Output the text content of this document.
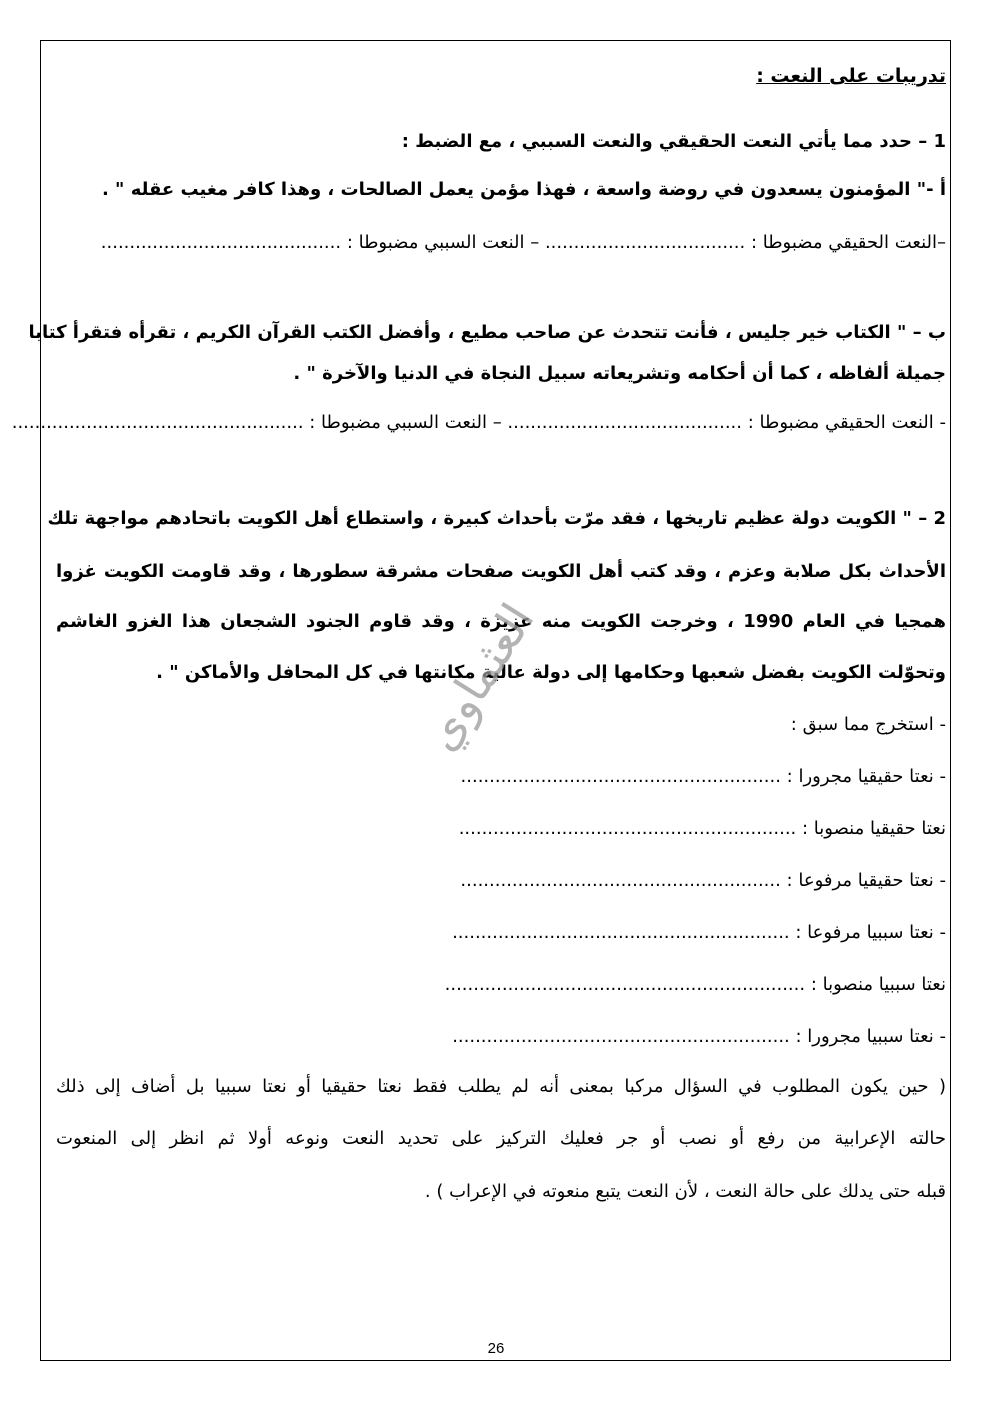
تدريبات على النعت :
1 – حدد مما يأتي النعت الحقيقي والنعت السببي ، مع الضبط :
أ -" المؤمنون يسعدون في روضة واسعة ، فهذا مؤمن يعمل الصالحات ، وهذا كافر مغيب عقله " .
–النعت الحقيقي مضبوطا : ................................... – النعت السببي مضبوطا : ..........................................
ب – " الكتاب خير جليس ، فأنت تتحدث عن صاحب مطيع ، وأفضل الكتب القرآن الكريم ، تقرأه فتقرأ كتابا
جميلة ألفاظه ، كما أن أحكامه وتشريعاته سبيل النجاة في الدنيا والآخرة " .
- النعت الحقيقي مضبوطا : ......................................... – النعت السببي مضبوطا : ...................................................
2 – " الكويت دولة عظيم تاريخها ، فقد مرّت بأحداث كبيرة ، واستطاع أهل الكويت باتحادهم مواجهة تلك
الأحداث بكل صلابة وعزم ، وقد كتب أهل الكويت صفحات مشرقة سطورها ، وقد قاومت الكويت غزوا
همجيا في العام 1990 ، وخرجت الكويت منه عزيزة ، وقد قاوم الجنود الشجعان هذا الغزو الغاشم
وتحوّلت الكويت بفضل شعبها وحكامها إلى دولة عالية مكانتها في كل المحافل والأماكن " .
- استخرج مما سبق :
- نعتا حقيقيا مجرورا : ........................................................
نعتا حقيقيا منصوبا : ...........................................................
- نعتا حقيقيا مرفوعا : ........................................................
- نعتا سببيا مرفوعا : ...........................................................
نعتا سببيا منصوبا : ...............................................................
- نعتا سببيا مجرورا : ...........................................................
( حين يكون المطلوب في السؤال مركبا بمعنى أنه لم يطلب فقط نعتا حقيقيا أو نعتا سببيا بل أضاف إلى ذلك
حالته الإعرابية من رفع أو نصب أو جر فعليك التركيز على تحديد النعت ونوعه أولا ثم انظر إلى المنعوت
قبله حتى يدلك على حالة النعت ، لأن النعت يتبع منعوته في الإعراب ) .
العثماوي
26
